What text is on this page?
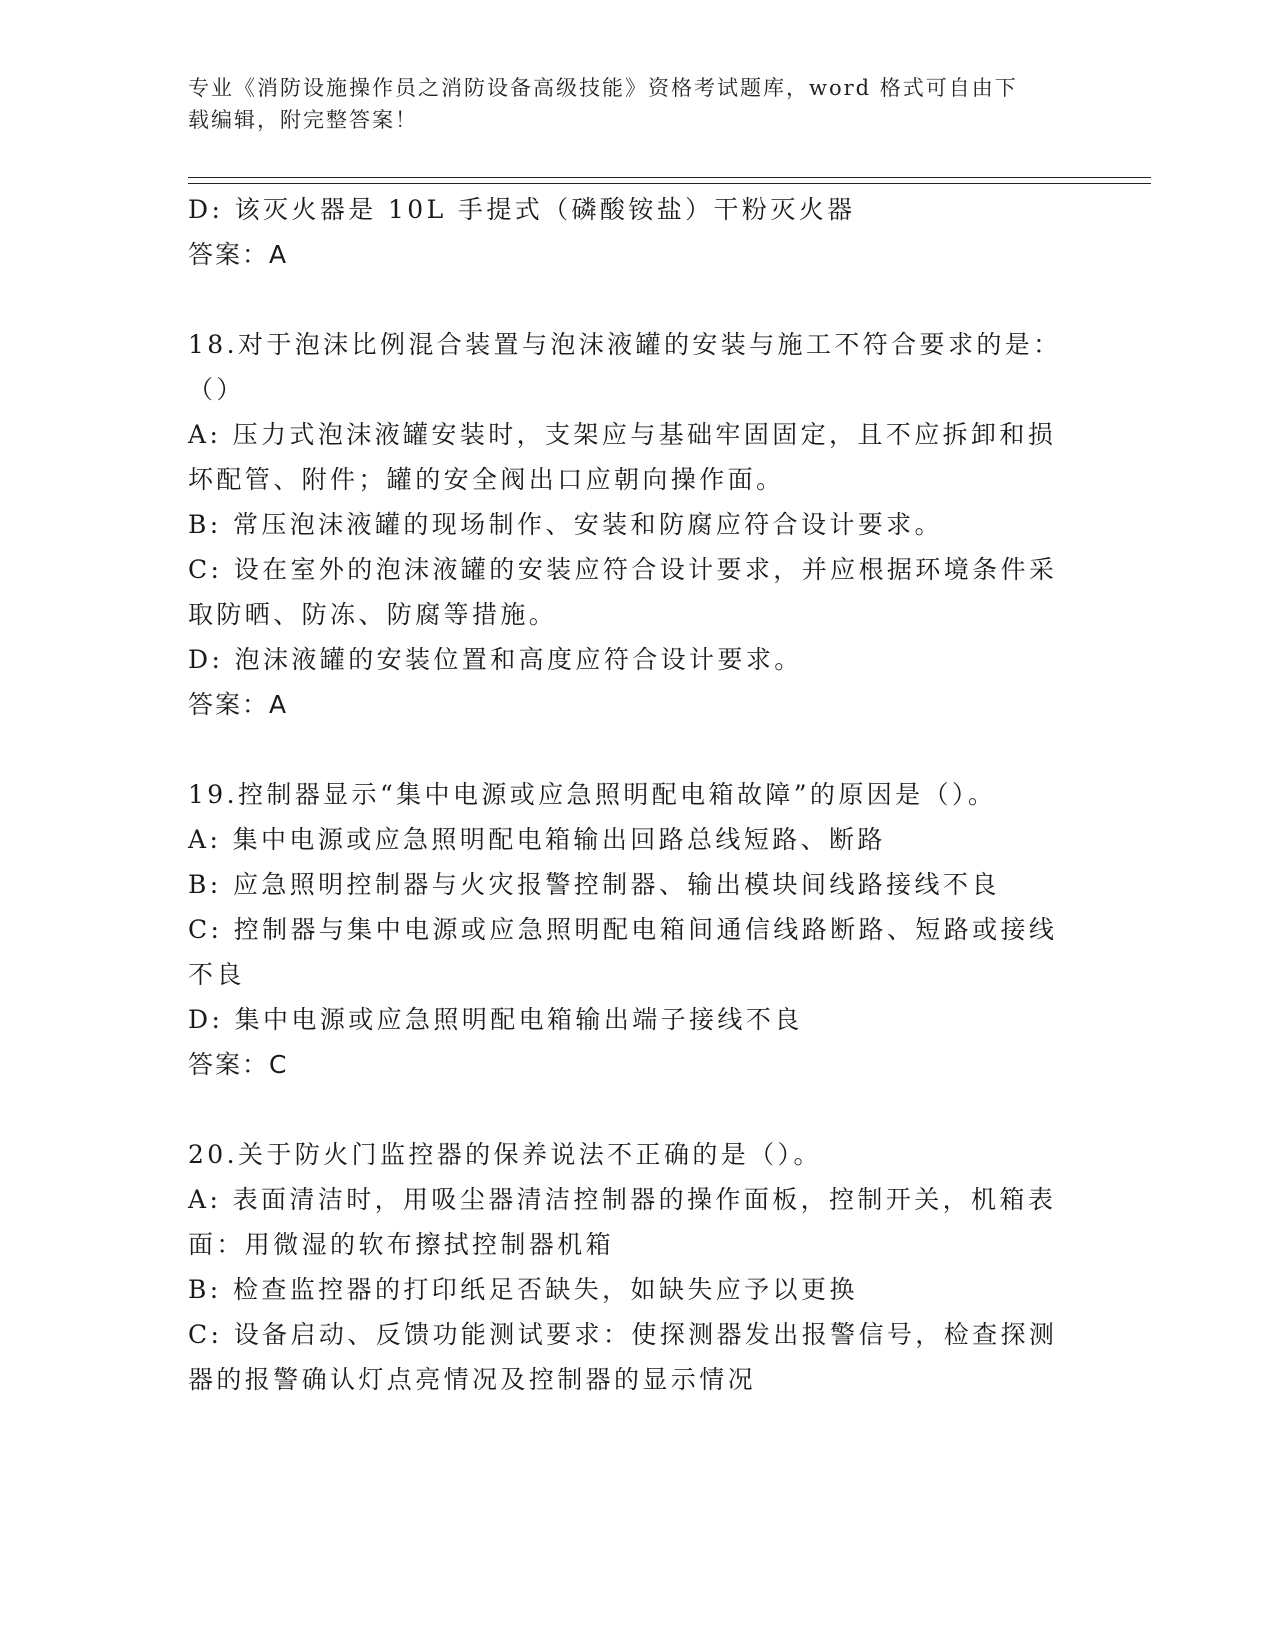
专业《消防设施操作员之消防设备高级技能》资格考试题库，word 格式可自由下
载编辑，附完整答案！
D: 该灭火器是 10L 手提式（磷酸铵盐）干粉灭火器
答案：A
18.对于泡沫比例混合装置与泡沫液罐的安装与施工不符合要求的是：
（）
A: 压力式泡沫液罐安装时，支架应与基础牢固固定，且不应拆卸和损
坏配管、附件；罐的安全阀出口应朝向操作面。
B: 常压泡沫液罐的现场制作、安装和防腐应符合设计要求。
C: 设在室外的泡沫液罐的安装应符合设计要求，并应根据环境条件采
取防晒、防冻、防腐等措施。
D: 泡沫液罐的安装位置和高度应符合设计要求。
答案：A
19.控制器显示“集中电源或应急照明配电箱故障”的原因是（）。
A: 集中电源或应急照明配电箱输出回路总线短路、断路
B: 应急照明控制器与火灾报警控制器、输出模块间线路接线不良
C: 控制器与集中电源或应急照明配电箱间通信线路断路、短路或接线
不良
D: 集中电源或应急照明配电箱输出端子接线不良
答案：C
20.关于防火门监控器的保养说法不正确的是（）。
A: 表面清洁时，用吸尘器清洁控制器的操作面板，控制开关，机箱表
面：用微湿的软布擦拭控制器机箱
B: 检查监控器的打印纸足否缺失，如缺失应予以更换
C: 设备启动、反馈功能测试要求：使探测器发出报警信号，检查探测
器的报警确认灯点亮情况及控制器的显示情况
